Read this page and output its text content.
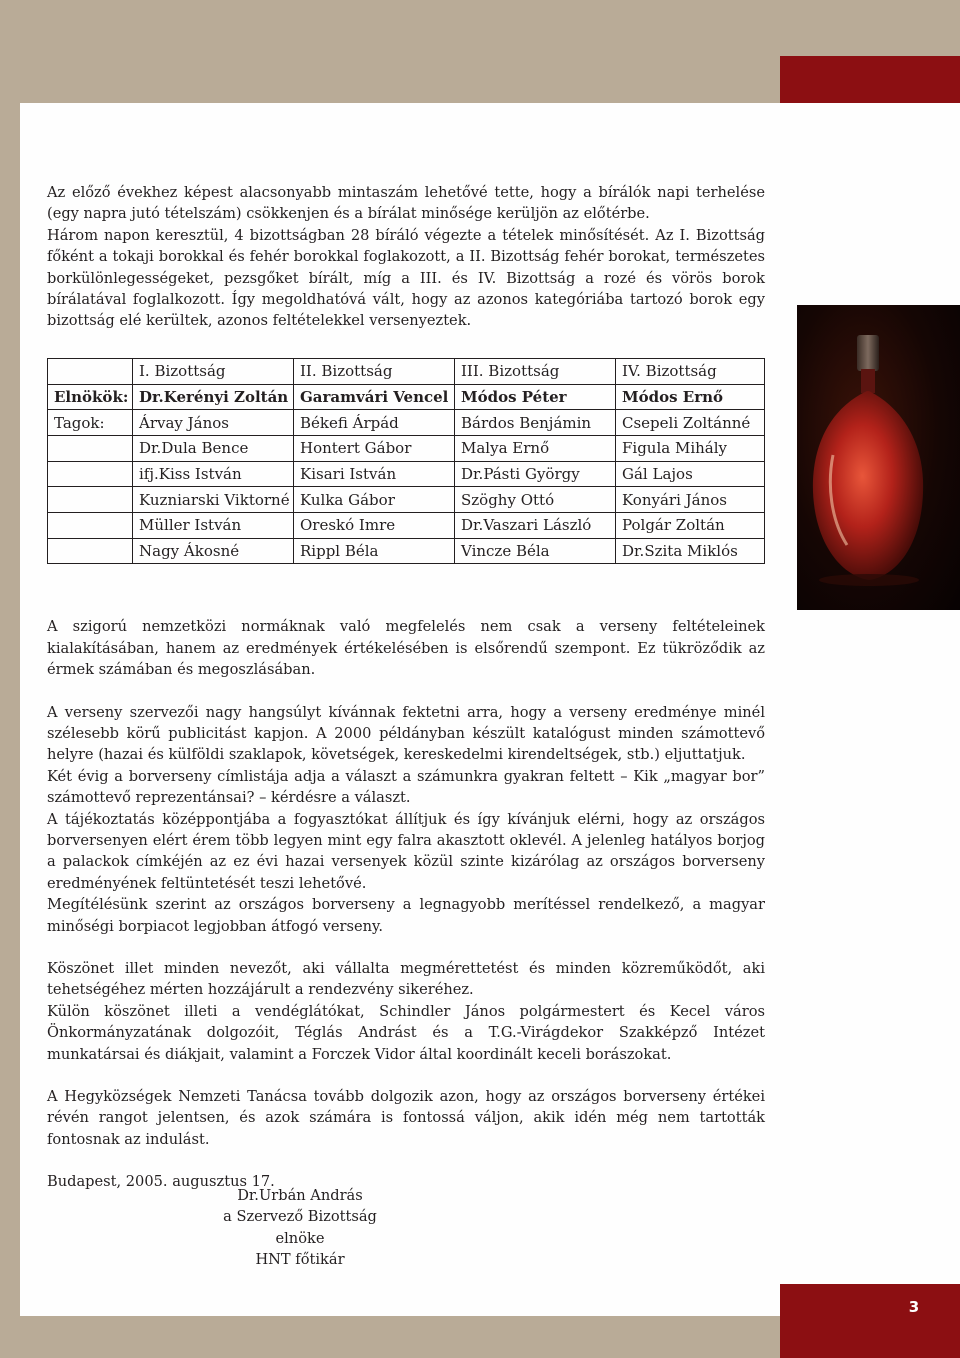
3

Az előző évekhez képest alacsonyabb mintaszám lehetővé tette, hogy a bírálók napi terhelése (egy napra jutó tételszám) csökkenjen és a bírálat minősége kerüljön az előtérbe.

Három napon keresztül, 4 bizottságban 28 bíráló végezte a tételek minősítését. Az I. Bizottság főként a tokaji borokkal és fehér borokkal foglakozott, a II. Bizottság fehér borokat, természetes borkülönlegességeket, pezsgőket bírált, míg a III. és IV. Bizottság a rozé és vörös borok bírálatával foglalkozott. Így megoldhatóvá vált, hogy az azonos kategóriába tartozó borok egy bizottság elé kerültek, azonos feltételekkel versenyeztek.

	I. Bizottság	II. Bizottság	III. Bizottság	IV. Bizottság
Elnökök:	Dr.Kerényi Zoltán	Garamvári Vencel	Módos Péter	Módos Ernő
Tagok:	Árvay János	Békefi Árpád	Bárdos Benjámin	Csepeli Zoltánné
	Dr.Dula Bence	Hontert Gábor	Malya Ernő	Figula Mihály
	ifj.Kiss István	Kisari István	Dr.Pásti György	Gál Lajos
	Kuzniarski Viktorné	Kulka Gábor	Szöghy Ottó	Konyári János
	Müller István	Oreskó Imre	Dr.Vaszari László	Polgár Zoltán
	Nagy Ákosné	Rippl Béla	Vincze Béla	Dr.Szita Miklós

A szigorú nemzetközi normáknak való megfelelés nem csak a verseny feltételeinek kialakításában, hanem az eredmények értékelésében is elsőrendű szempont. Ez tükröződik az érmek számában és megoszlásában.

A verseny szervezői nagy hangsúlyt kívánnak fektetni arra, hogy a verseny eredménye minél szélesebb körű publicitást kapjon. A 2000 példányban készült katalógust minden számottevő helyre (hazai és külföldi szaklapok, követségek, kereskedelmi kirendeltségek, stb.) eljuttatjuk.

Két évig a borverseny címlistája adja a választ a számunkra gyakran feltett – Kik „magyar bor” számottevő reprezentánsai? – kérdésre a választ.

A tájékoztatás középpontjába a fogyasztókat állítjuk és így kívánjuk elérni, hogy az országos borversenyen elért érem több legyen mint egy falra akasztott oklevél. A jelenleg hatályos borjog a palackok címkéjén az ez évi hazai versenyek közül szinte kizárólag az országos borverseny eredményének feltüntetését teszi lehetővé.

Megítélésünk szerint az országos borverseny a legnagyobb merítéssel rendelkező, a magyar minőségi borpiacot legjobban átfogó verseny.

Köszönet illet minden nevezőt, aki vállalta megmérettetést és minden közreműködőt, aki tehetségéhez mérten hozzájárult a rendezvény sikeréhez.

Külön köszönet illeti a vendéglátókat, Schindler János polgármestert és Kecel város Önkormányzatának dolgozóit, Téglás Andrást és a T.G.-Virágdekor Szakképző Intézet munkatársai és diákjait, valamint a Forczek Vidor által koordinált keceli borászokat.

A Hegyközségek Nemzeti Tanácsa tovább dolgozik azon, hogy az országos borverseny értékei révén rangot jelentsen, és azok számára is fontossá váljon, akik idén még nem tartották fontosnak az indulást.

Budapest, 2005. augusztus 17.

Dr.Urbán András

a Szervező Bizottság elnöke

HNT főtikár
